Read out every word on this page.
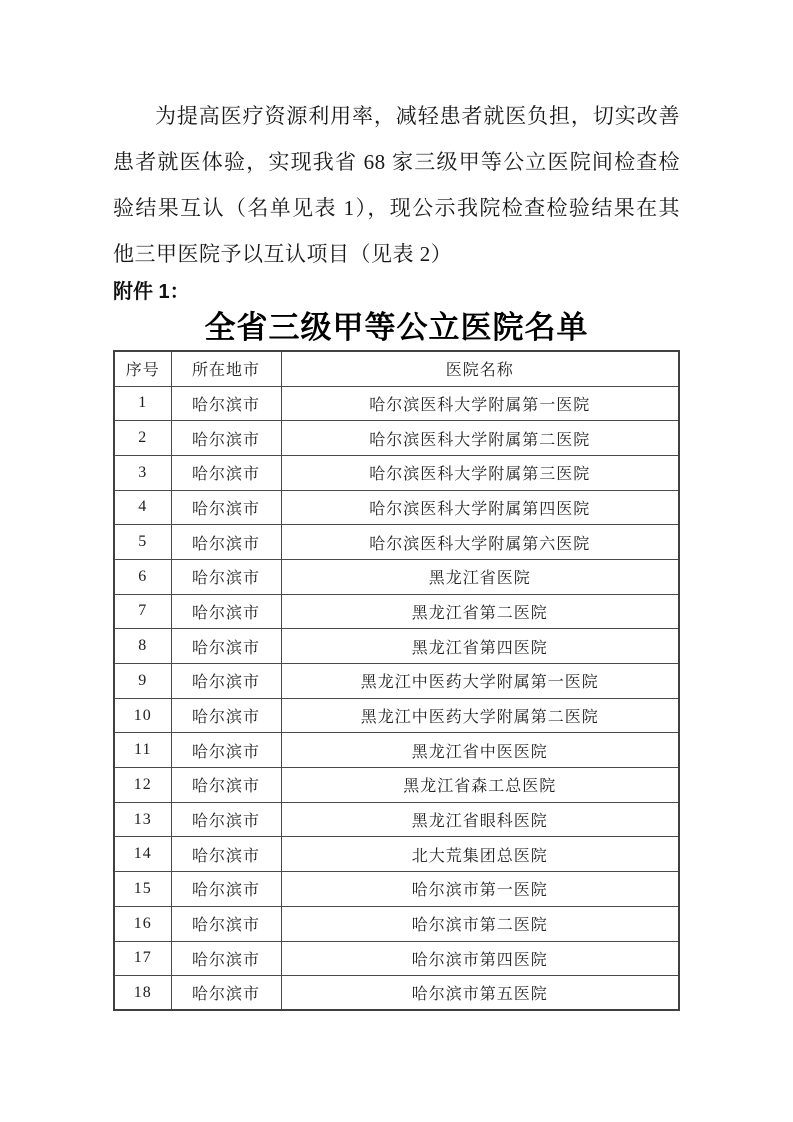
为提高医疗资源利用率，减轻患者就医负担，切实改善
患者就医体验，实现我省 68 家三级甲等公立医院间检查检
验结果互认（名单见表 1），现公示我院检查检验结果在其
他三甲医院予以互认项目（见表 2）
附件 1：
全省三级甲等公立医院名单
序号	所在地市	医院名称
1	哈尔滨市	哈尔滨医科大学附属第一医院
2	哈尔滨市	哈尔滨医科大学附属第二医院
3	哈尔滨市	哈尔滨医科大学附属第三医院
4	哈尔滨市	哈尔滨医科大学附属第四医院
5	哈尔滨市	哈尔滨医科大学附属第六医院
6	哈尔滨市	黑龙江省医院
7	哈尔滨市	黑龙江省第二医院
8	哈尔滨市	黑龙江省第四医院
9	哈尔滨市	黑龙江中医药大学附属第一医院
10	哈尔滨市	黑龙江中医药大学附属第二医院
11	哈尔滨市	黑龙江省中医医院
12	哈尔滨市	黑龙江省森工总医院
13	哈尔滨市	黑龙江省眼科医院
14	哈尔滨市	北大荒集团总医院
15	哈尔滨市	哈尔滨市第一医院
16	哈尔滨市	哈尔滨市第二医院
17	哈尔滨市	哈尔滨市第四医院
18	哈尔滨市	哈尔滨市第五医院
